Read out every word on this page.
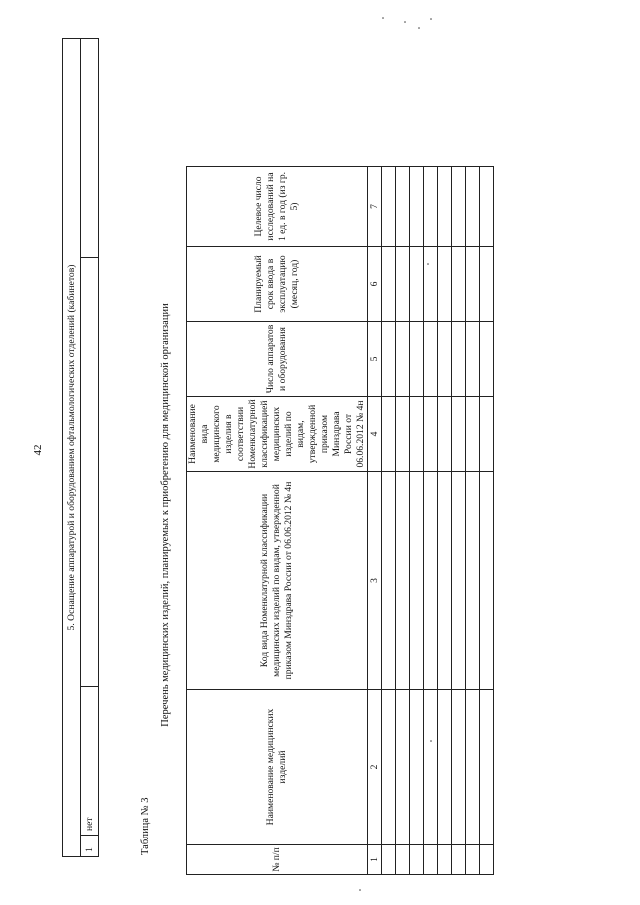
42 5. Оснащение аппаратурой и оборудованием офтальмологических отделений (кабинетов)				
1	нет				Таблица № 3
Перечень медицинских изделий, планируемых к приобретению для медицинской организации
№ п/п	Наименование медицинских изделий	Код вида Номенклатурной классификации медицинских изделий по видам, утвержденной приказом Минздрава России от 06.06.2012 № 4н	Наименование вида медицинского изделия в соответствии Номенклатурной классификацией медицинских изделий по видам, утвержденной приказом Минздрава России от 06.06.2012 № 4н	Число аппаратов и оборудования	Планируемый срок ввода в эксплуатацию (месяц, год)	Целевое число исследований на 1 ед. в год (из гр. 5)
1	2	3	4	5	6	7
